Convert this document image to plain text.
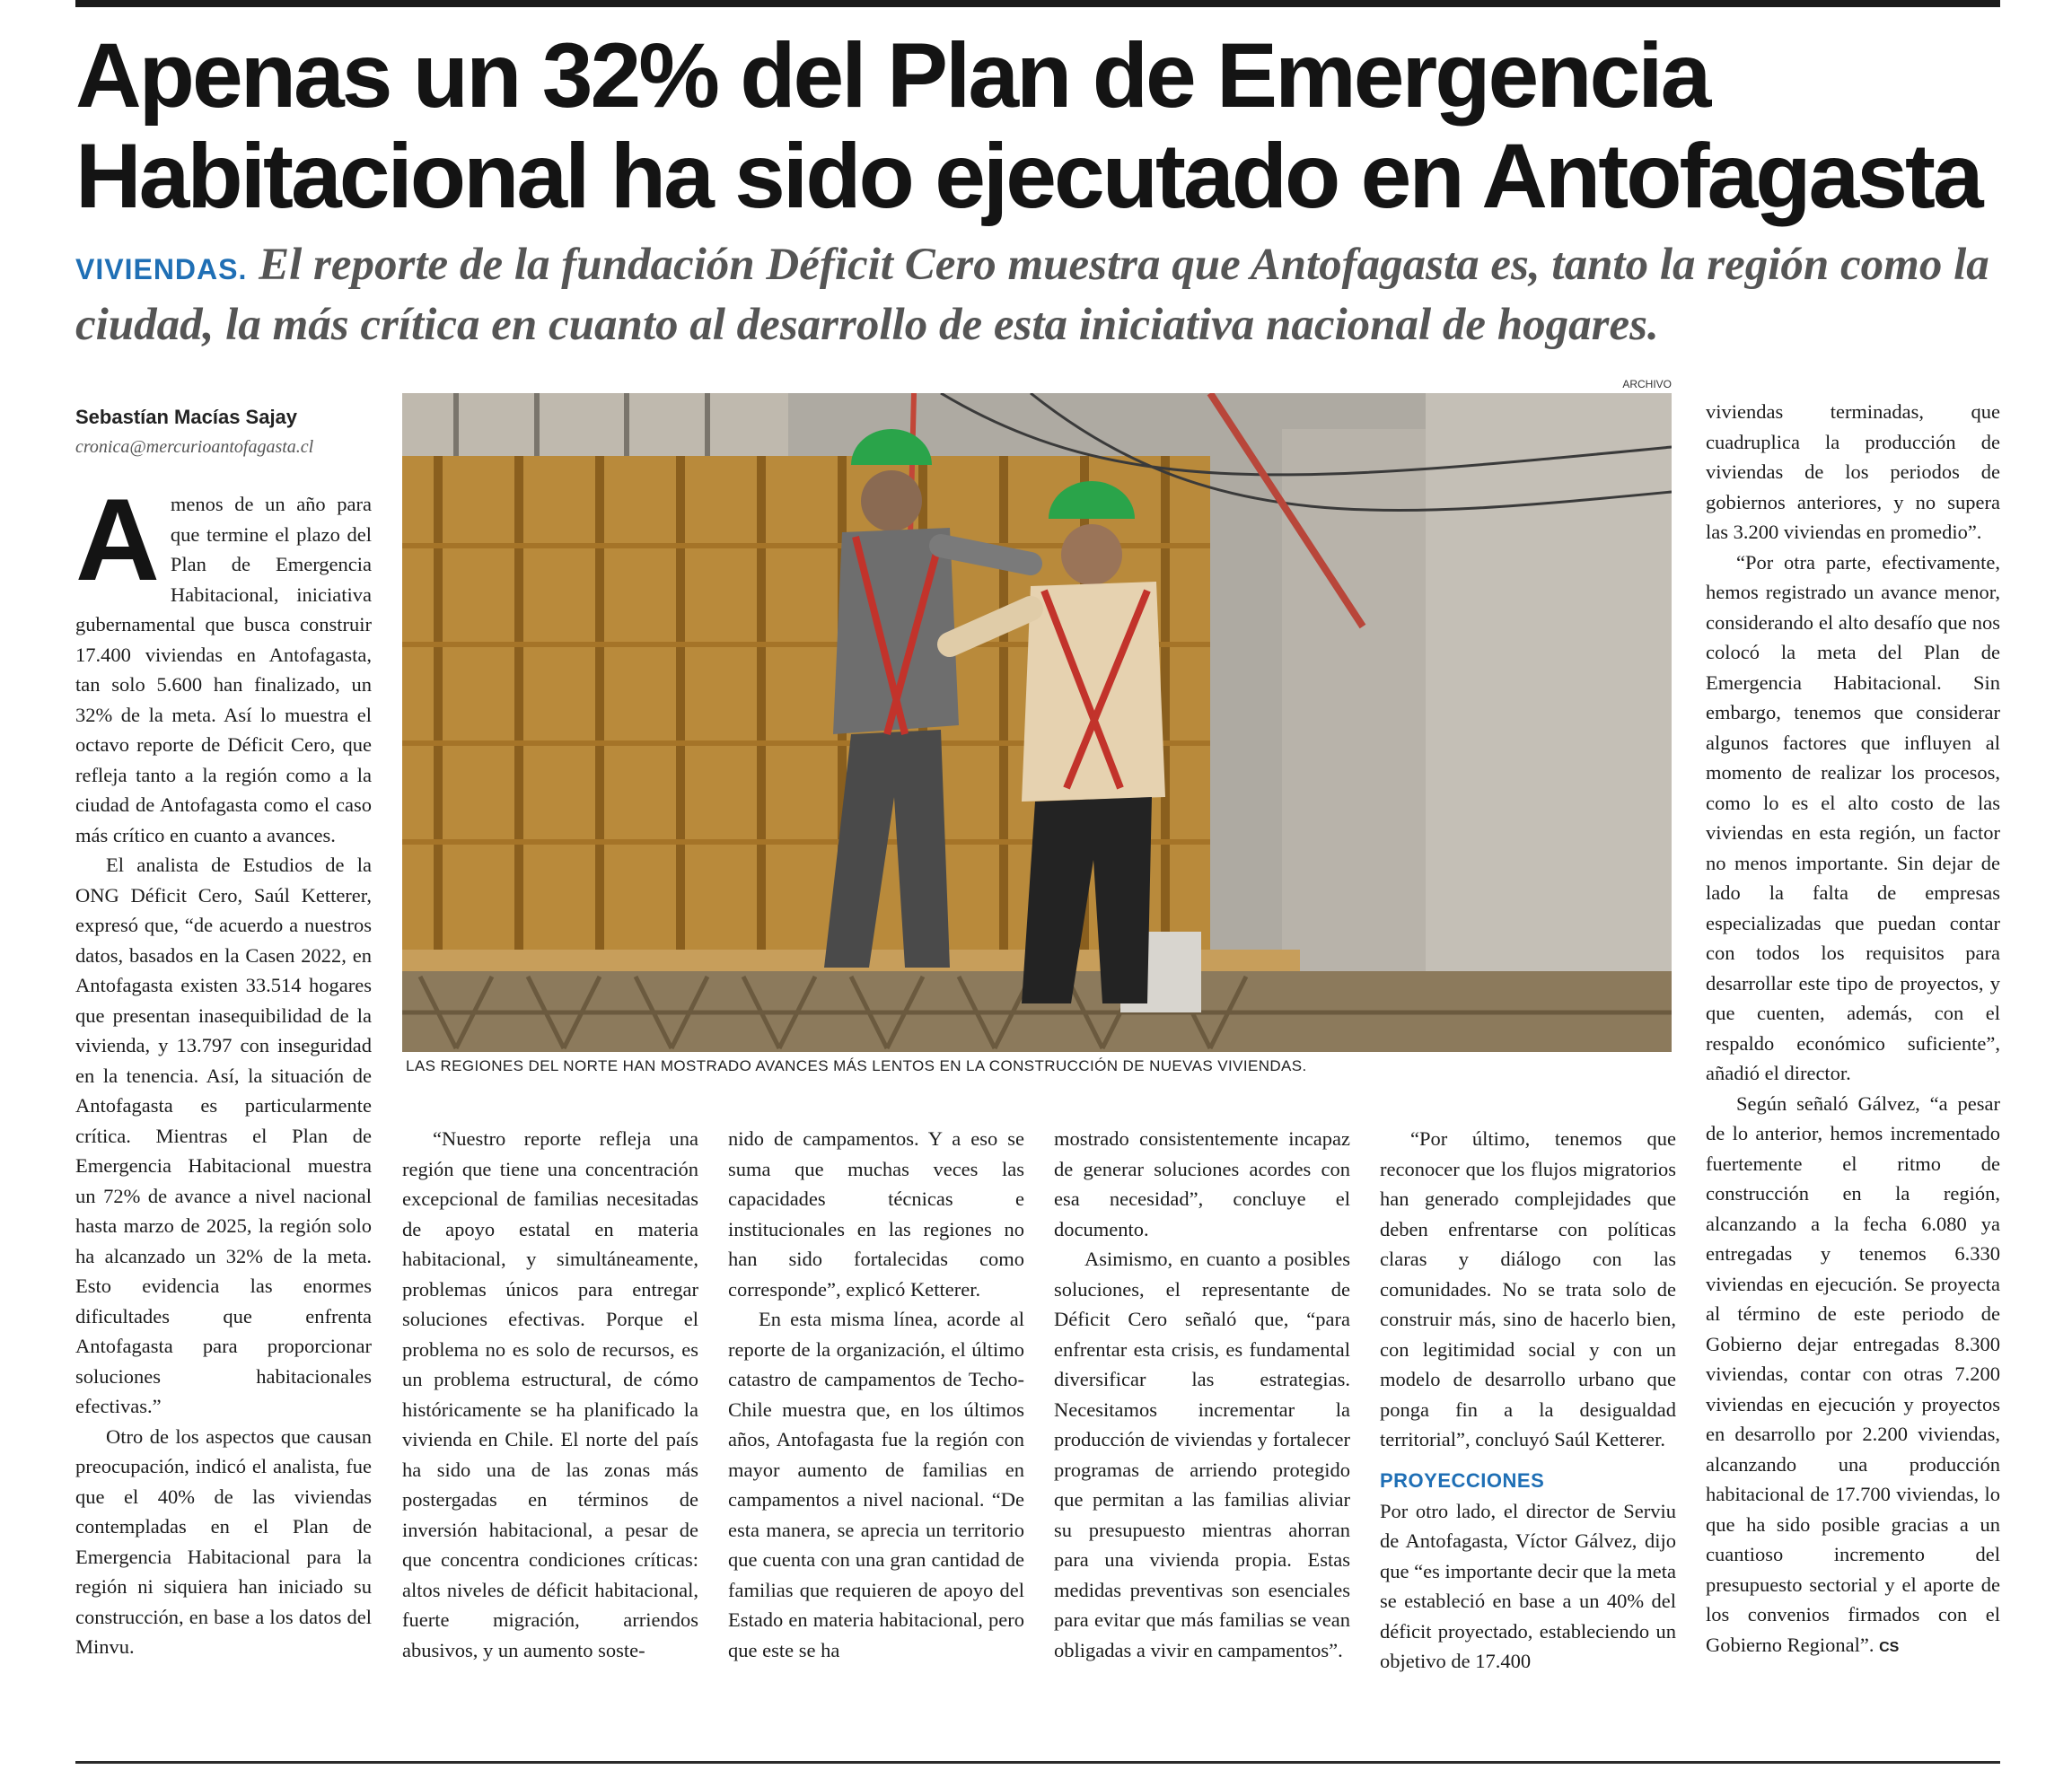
Apenas un 32% del Plan de Emergencia
Habitacional ha sido ejecutado en Antofagasta
VIVIENDAS. El reporte de la fundación Déficit Cero muestra que Antofagasta es, tanto la región como la ciudad, la más crítica en cuanto al desarrollo de esta iniciativa nacional de hogares.
Sebastían Macías Sajay
cronica@mercurioantofagasta.cl
ARCHIVO
LAS REGIONES DEL NORTE HAN MOSTRADO AVANCES MÁS LENTOS EN LA CONSTRUCCIÓN DE NUEVAS VIVIENDAS.

Amenos de un año para que termine el plazo del Plan de Emergencia Habitacional, iniciativa gubernamental que busca construir 17.400 viviendas en Antofagasta, tan solo 5.600 han finalizado, un 32% de la meta. Así lo muestra el octavo reporte de Déficit Cero, que refleja tanto a la región como a la ciudad de Antofagasta como el caso más crítico en cuanto a avances.

El analista de Estudios de la ONG Déficit Cero, Saúl Ketterer, expresó que, “de acuerdo a nuestros datos, basados en la Casen 2022, en Antofagasta existen 33.514 hogares que presentan inasequibilidad de la vivienda, y 13.797 con inseguridad en la tenencia. Así, la situación de Antofagasta es particularmente crítica. Mientras el Plan de Emergencia Habitacional muestra un 72% de avance a nivel nacional hasta marzo de 2025, la región solo ha alcanzado un 32% de la meta. Esto evidencia las enormes dificultades que enfrenta Antofagasta para proporcionar soluciones habitacionales efectivas.”

Otro de los aspectos que causan preocupación, indicó el analista, fue que el 40% de las viviendas contempladas en el Plan de Emergencia Habitacional para la región ni siquiera han iniciado su construcción, en base a los datos del Minvu.

“Nuestro reporte refleja una región que tiene una concentración excepcional de familias necesitadas de apoyo estatal en materia habitacional, y simultáneamente, problemas únicos para entregar soluciones efectivas. Porque el problema no es solo de recursos, es un problema estructural, de cómo históricamente se ha planificado la vivienda en Chile. El norte del país ha sido una de las zonas más postergadas en términos de inversión habitacional, a pesar de que concentra condiciones críticas: altos niveles de déficit habitacional, fuerte migración, arriendos abusivos, y un aumento soste-

nido de campamentos. Y a eso se suma que muchas veces las capacidades técnicas e institucionales en las regiones no han sido fortalecidas como corresponde”, explicó Ketterer.

En esta misma línea, acorde al reporte de la organización, el último catastro de campamentos de Techo-Chile muestra que, en los últimos años, Antofagasta fue la región con mayor aumento de familias en campamentos a nivel nacional. “De esta manera, se aprecia un territorio que cuenta con una gran cantidad de familias que requieren de apoyo del Estado en materia habitacional, pero que este se ha

mostrado consistentemente incapaz de generar soluciones acordes con esa necesidad”, concluye el documento.

Asimismo, en cuanto a posibles soluciones, el representante de Déficit Cero señaló que, “para enfrentar esta crisis, es fundamental diversificar las estrategias. Necesitamos incrementar la producción de viviendas y fortalecer programas de arriendo protegido que permitan a las familias aliviar su presupuesto mientras ahorran para una vivienda propia. Estas medidas preventivas son esenciales para evitar que más familias se vean obligadas a vivir en campamentos”.

“Por último, tenemos que reconocer que los flujos migratorios han generado complejidades que deben enfrentarse con políticas claras y diálogo con las comunidades. No se trata solo de construir más, sino de hacerlo bien, con legitimidad social y con un modelo de desarrollo urbano que ponga fin a la desigualdad territorial”, concluyó Saúl Ketterer.

PROYECCIONES

Por otro lado, el director de Serviu de Antofagasta, Víctor Gálvez, dijo que “es importante decir que la meta se estableció en base a un 40% del déficit proyectado, estableciendo un objetivo de 17.400

viviendas terminadas, que cuadruplica la producción de viviendas de los periodos de gobiernos anteriores, y no supera las 3.200 viviendas en promedio”.

“Por otra parte, efectivamente, hemos registrado un avance menor, considerando el alto desafío que nos colocó la meta del Plan de Emergencia Habitacional. Sin embargo, tenemos que considerar algunos factores que influyen al momento de realizar los procesos, como lo es el alto costo de las viviendas en esta región, un factor no menos importante. Sin dejar de lado la falta de empresas especializadas que puedan contar con todos los requisitos para desarrollar este tipo de proyectos, y que cuenten, además, con el respaldo económico suficiente”, añadió el director.

Según señaló Gálvez, “a pesar de lo anterior, hemos incrementado fuertemente el ritmo de construcción en la región, alcanzando a la fecha 6.080 ya entregadas y tenemos 6.330 viviendas en ejecución. Se proyecta al término de este periodo de Gobierno dejar entregadas 8.300 viviendas, contar con otras 7.200 viviendas en ejecución y proyectos en desarrollo por 2.200 viviendas, alcanzando una producción habitacional de 17.700 viviendas, lo que ha sido posible gracias a un cuantioso incremento del presupuesto sectorial y el aporte de los convenios firmados con el Gobierno Regional”. CS
